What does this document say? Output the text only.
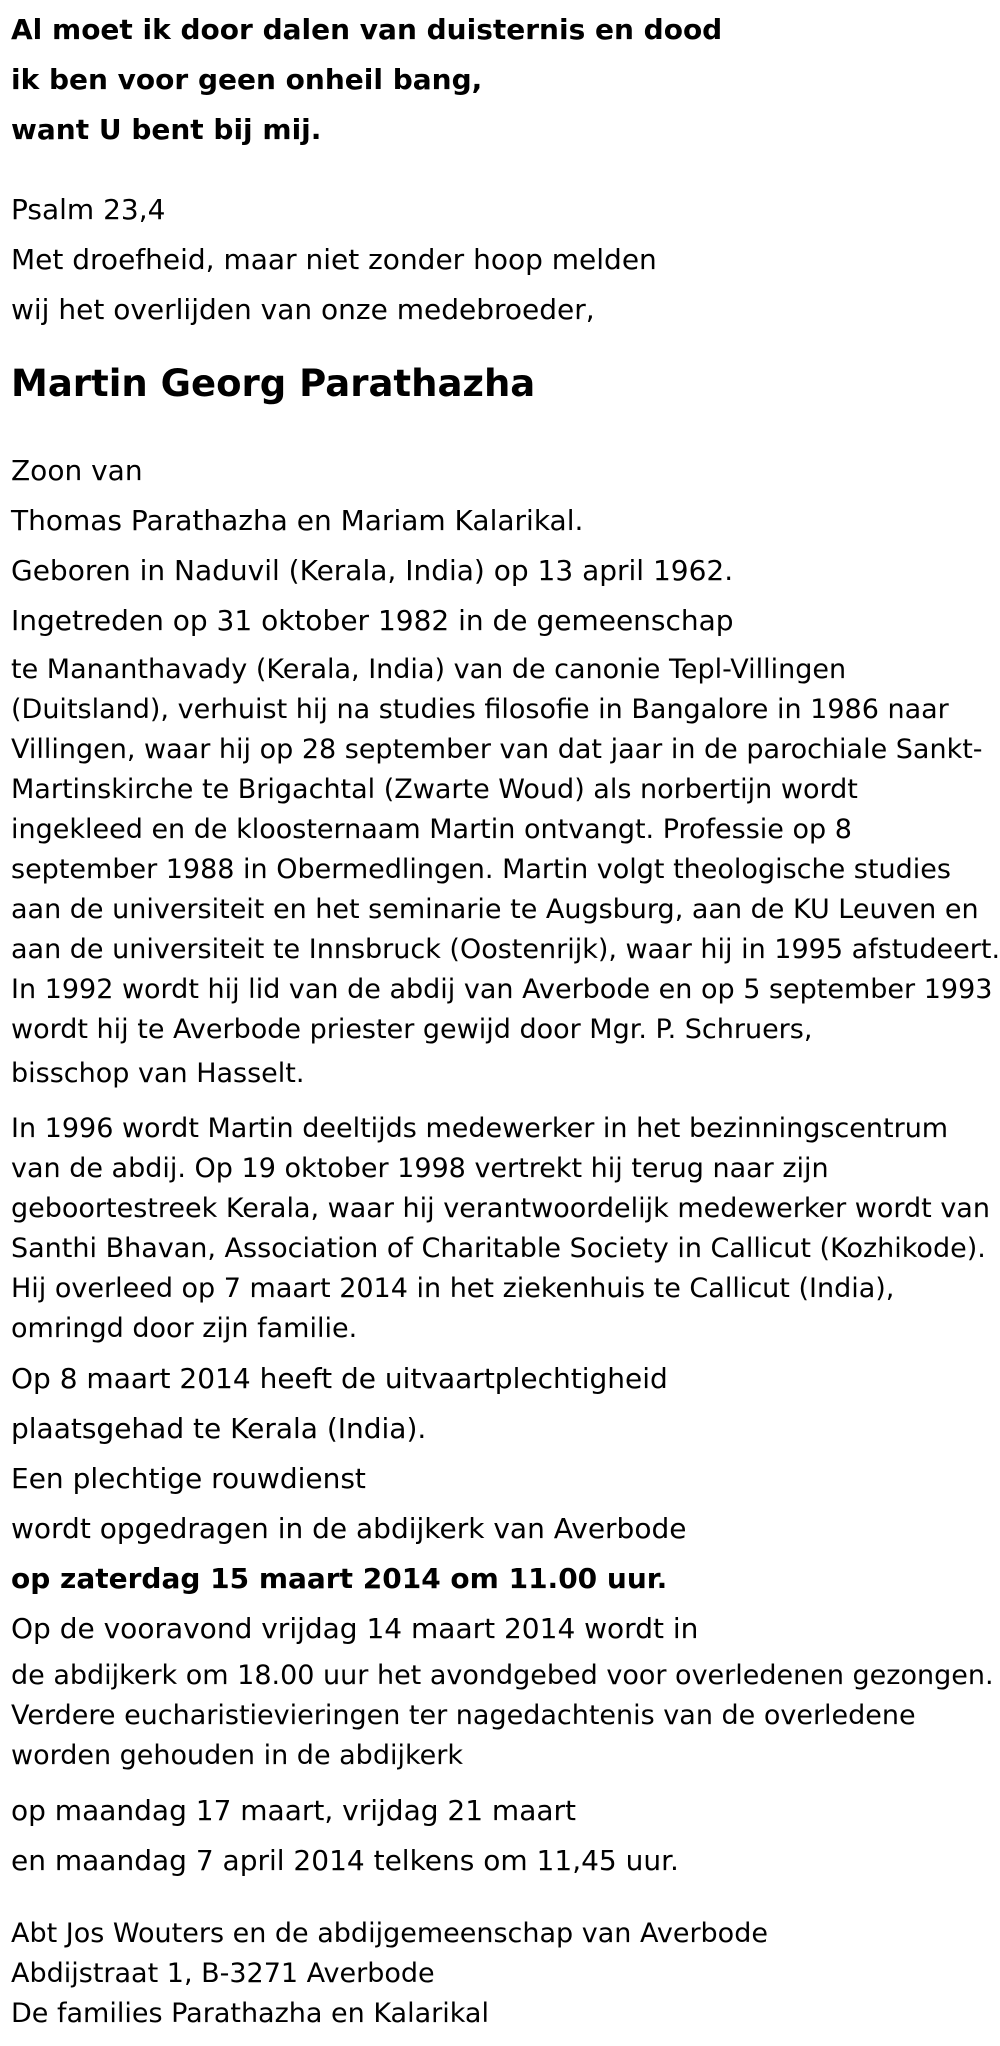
Al moet ik door dalen van duisternis en dood
ik ben voor geen onheil bang,
want U bent bij mij.
Psalm 23,4
Met droefheid, maar niet zonder hoop melden
wij het overlijden van onze medebroeder,
Martin Georg Parathazha
Zoon van
Thomas Parathazha en Mariam Kalarikal.
Geboren in Naduvil (Kerala, India) op 13 april 1962.
Ingetreden op 31 oktober 1982 in de gemeenschap
te Mananthavady (Kerala, India) van de canonie Tepl-Villingen
(Duitsland), verhuist hij na studies filosofie in Bangalore in 1986 naar
Villingen, waar hij op 28 september van dat jaar in de parochiale Sankt-
Martinskirche te Brigachtal (Zwarte Woud) als norbertijn wordt
ingekleed en de kloosternaam Martin ontvangt. Professie op 8
september 1988 in Obermedlingen. Martin volgt theologische studies
aan de universiteit en het seminarie te Augsburg, aan de KU Leuven en
aan de universiteit te Innsbruck (Oostenrijk), waar hij in 1995 afstudeert.
In 1992 wordt hij lid van de abdij van Averbode en op 5 september 1993
wordt hij te Averbode priester gewijd door Mgr. P. Schruers,
bisschop van Hasselt.
In 1996 wordt Martin deeltijds medewerker in het bezinningscentrum
van de abdij. Op 19 oktober 1998 vertrekt hij terug naar zijn
geboortestreek Kerala, waar hij verantwoordelijk medewerker wordt van
Santhi Bhavan, Association of Charitable Society in Callicut (Kozhikode).
Hij overleed op 7 maart 2014 in het ziekenhuis te Callicut (India),
omringd door zijn familie.
Op 8 maart 2014 heeft de uitvaartplechtigheid
plaatsgehad te Kerala (India).
Een plechtige rouwdienst
wordt opgedragen in de abdijkerk van Averbode
op zaterdag 15 maart 2014 om 11.00 uur.
Op de vooravond vrijdag 14 maart 2014 wordt in
de abdijkerk om 18.00 uur het avondgebed voor overledenen gezongen.
Verdere eucharistievieringen ter nagedachtenis van de overledene
worden gehouden in de abdijkerk
op maandag 17 maart, vrijdag 21 maart
en maandag 7 april 2014 telkens om 11,45 uur.
Abt Jos Wouters en de abdijgemeenschap van Averbode
Abdijstraat 1, B-3271 Averbode
De families Parathazha en Kalarikal
